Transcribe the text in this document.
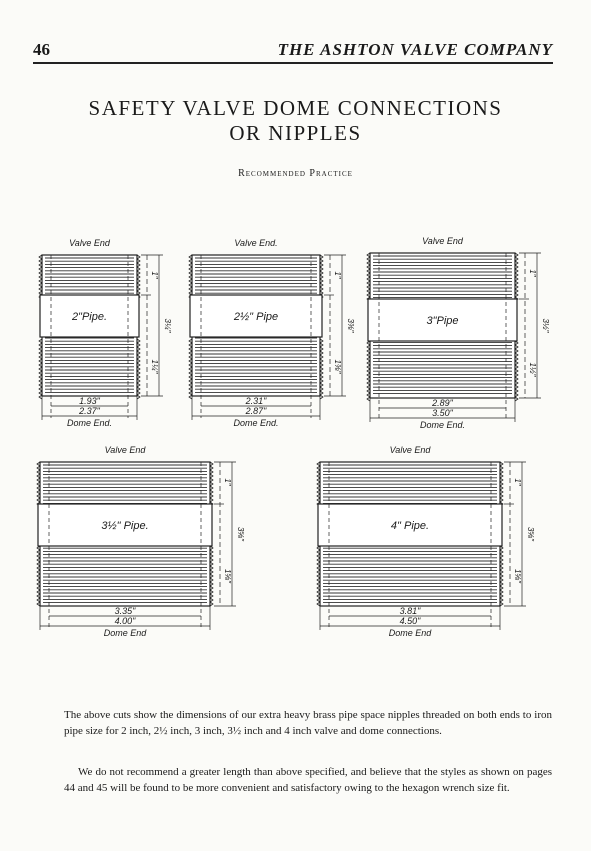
46	THE ASHTON VALVE COMPANY
SAFETY VALVE DOME CONNECTIONS
OR NIPPLES
Recommended Practice
Valve End
2"Pipe.
1"
1¼"
3¼"
1.93"
2.37"
Dome End.
Valve End.
2½" Pipe
1"
1⅜"
3⅜"
2.31"
2.87"
Dome End.
Valve End
3"Pipe
1"
1½"
3½"
2.89"
3.50"
Dome End.
Valve End
3½" Pipe.
1"
1⅝"
3⅝"
3.35"
4.00"
Dome End
Valve End
4" Pipe.
1"
1⅝"
3⅝"
3.81"
4.50"
Dome End
The above cuts show the dimensions of our extra heavy brass pipe space nipples threaded on both ends to iron pipe size for 2 inch, 2½ inch, 3 inch, 3½ inch and 4 inch valve and dome connections.
We do not recommend a greater length than above specified, and believe that the styles as shown on pages 44 and 45 will be found to be more convenient and satisfactory owing to the hexagon wrench size fit.
